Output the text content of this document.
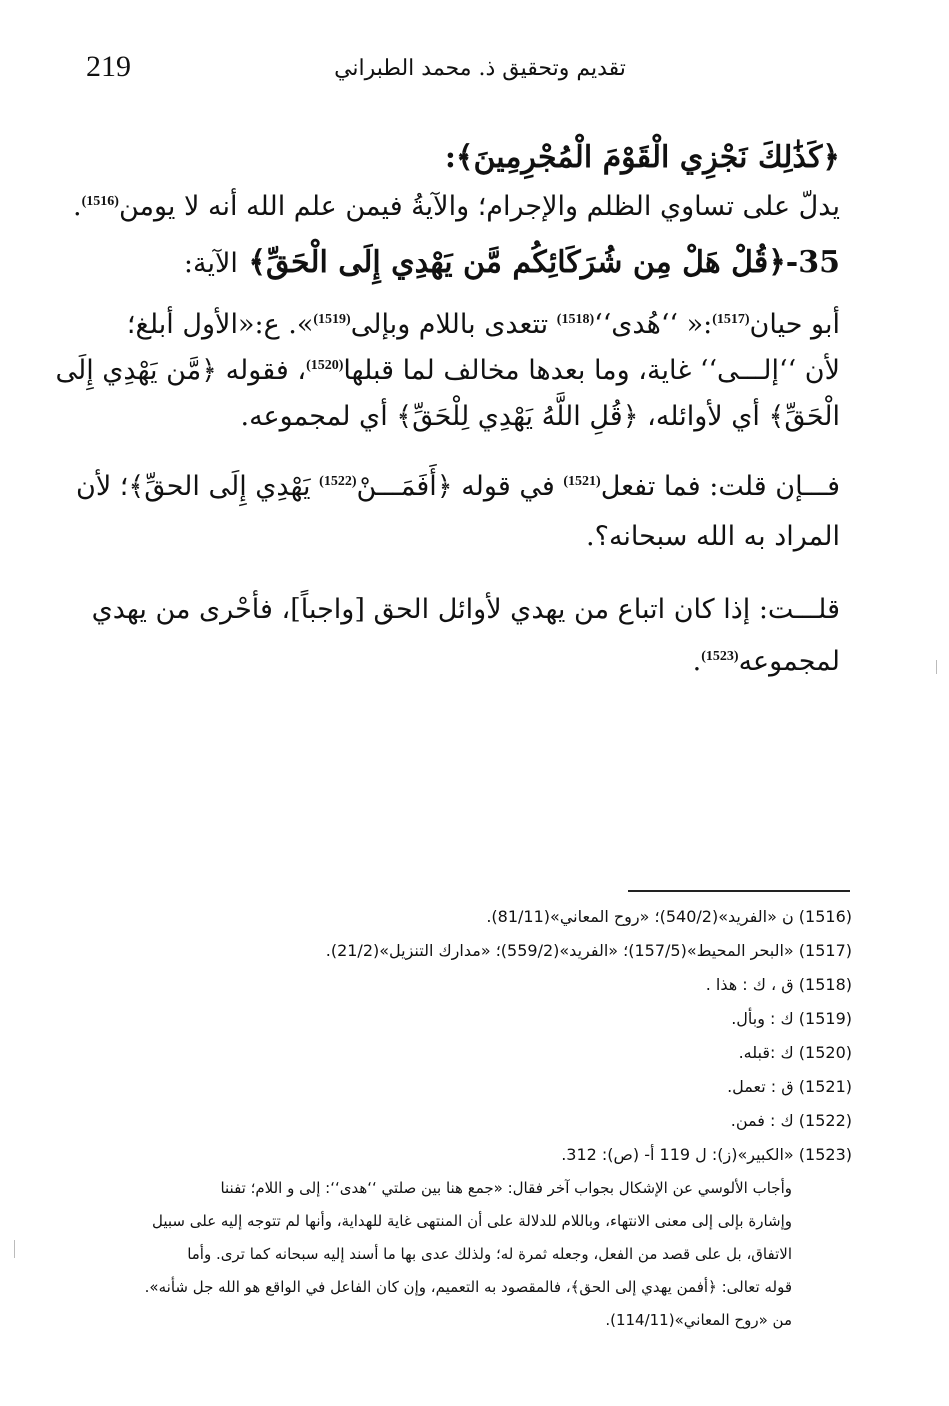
219	تقديم وتحقيق ذ. محمد الطبراني
﴿كَذَٰلِكَ نَجْزِي الْقَوْمَ الْمُجْرِمِينَ﴾:
يدلّ على تساوي الظلم والإجرام؛ والآيةُ فيمن علم الله أنه لا يومن$^{(1516)}$.
35-﴿قُلْ هَلْ مِن شُرَكَائِكُم مَّن يَهْدِي إِلَى الْحَقِّ﴾ الآية:
أبو حيان$^{(1517)}$:« ‘‘هُدى‘‘$^{(1518)}$ تتعدى باللام وبإلى$^{(1519)}$». ع:«الأول أبلغ؛
لأن ‘‘إلـــى‘‘ غاية، وما بعدها مخالف لما قبلها$^{(1520)}$، فقوله ﴿مَّن يَهْدِي إِلَى
الْحَقِّ﴾ أي لأوائله، ﴿قُلِ اللَّهُ يَهْدِي لِلْحَقِّ﴾ أي لمجموعه.
فـــإن قلت: فما تفعل$^{(1521)}$ في قوله ﴿أَفَمَـــنْ$^{(1522)}$ يَهْدِي إِلَى الحقِّ﴾؛ لأن
المراد به الله سبحانه؟.
قلـــت: إذا كان اتباع من يهدي لأوائل الحق [واجباً]، فأحْرى من يهدي
لمجموعه$^{(1523)}$.
(1516) ن «الفريد»(540/2)؛ «روح المعاني»(81/11).
(1517) «البحر المحيط»(157/5)؛ «الفريد»(559/2)؛ «مدارك التنزيل»(21/2).
(1518) ق ، ك : هذا .
(1519) ك : وبأل.
(1520) ك :قبله.
(1521) ق : تعمل.
(1522) ك : فمن.
(1523) «الكبير»(ز): ل 119 أ- (ص): 312.
وأجاب الألوسي عن الإشكال بجواب آخر فقال: «جمع هنا بين صلتي ‘‘هدى‘‘: إلى و اللام؛ تفننا
وإشارة بإلى إلى معنى الانتهاء، وباللام للدلالة على أن المنتهى غاية للهداية، وأنها لم تتوجه إليه على سبيل
الاتفاق، بل على قصد من الفعل، وجعله ثمرة له؛ ولذلك عدى بها ما أسند إليه سبحانه كما ترى. وأما
قوله تعالى: ﴿أفمن يهدي إلى الحق﴾، فالمقصود به التعميم، وإن كان الفاعل في الواقع هو الله جل شأنه».
من «روح المعاني»(114/11).
